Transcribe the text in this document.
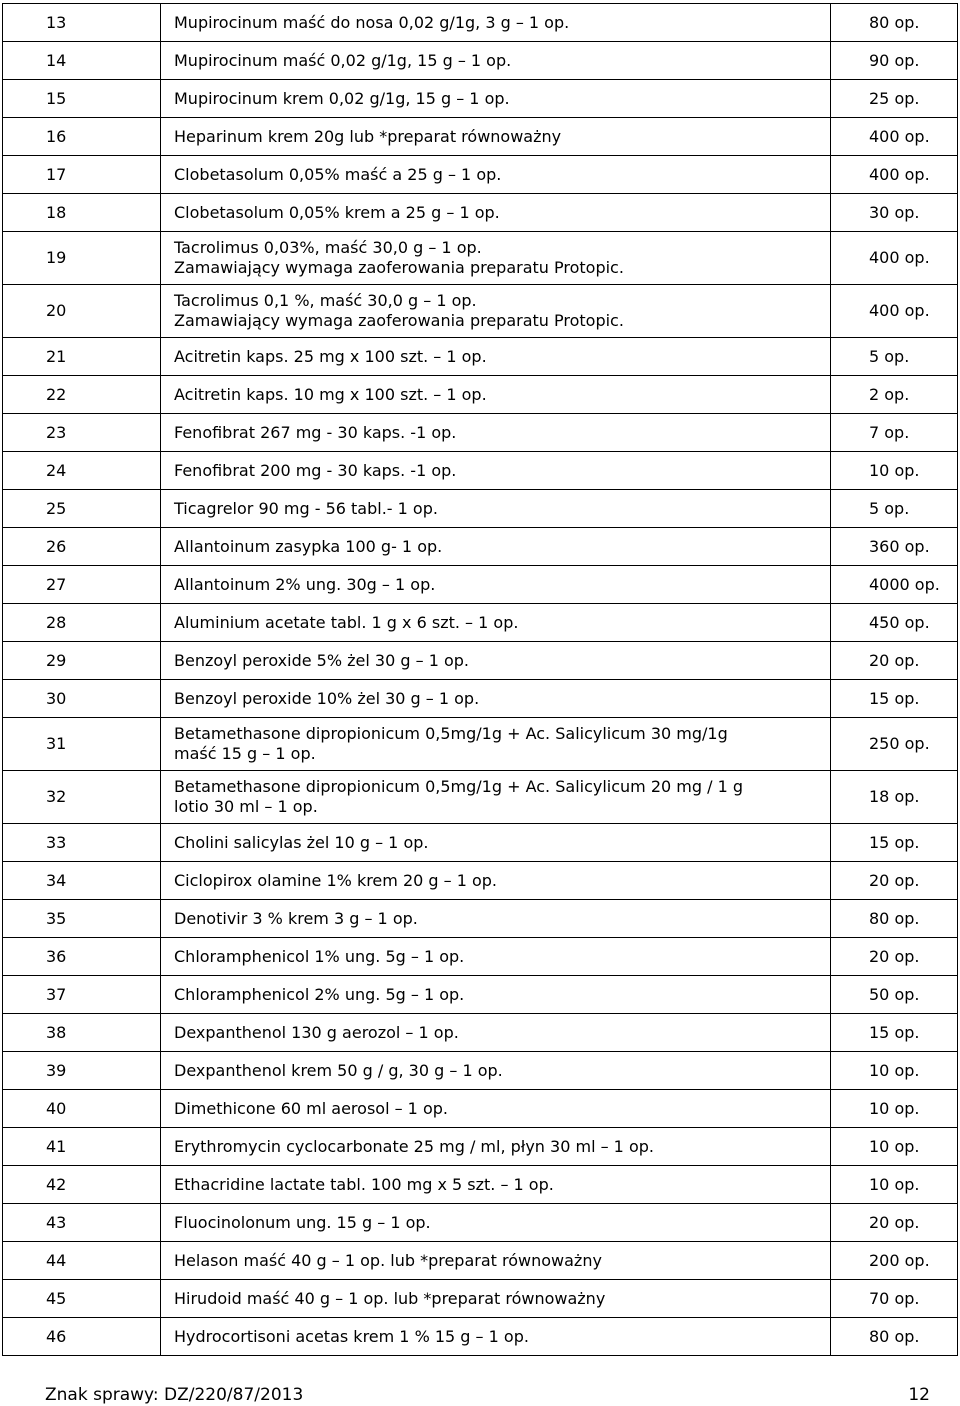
13	Mupirocinum maść do nosa 0,02 g/1g, 3 g – 1 op.	80 op.
14	Mupirocinum maść 0,02 g/1g, 15 g – 1 op.	90 op.
15	Mupirocinum krem 0,02 g/1g, 15 g – 1 op.	25 op.
16	Heparinum krem 20g lub *preparat równoważny	400 op.
17	Clobetasolum 0,05% maść a 25 g – 1 op.	400 op.
18	Clobetasolum 0,05% krem a 25 g – 1 op.	30 op.
19	Tacrolimus 0,03%, maść 30,0 g – 1 op.
Zamawiający wymaga zaoferowania preparatu Protopic.	400 op.
20	Tacrolimus 0,1 %, maść 30,0 g – 1 op.
Zamawiający wymaga zaoferowania preparatu Protopic.	400 op.
21	Acitretin kaps. 25 mg x 100 szt. – 1 op.	5 op.
22	Acitretin kaps. 10 mg x 100 szt. – 1 op.	2 op.
23	Fenofibrat 267 mg - 30 kaps. -1 op.	7 op.
24	Fenofibrat 200 mg - 30 kaps. -1 op.	10 op.
25	Ticagrelor 90 mg - 56 tabl.- 1 op.	5 op.
26	Allantoinum zasypka 100 g- 1 op.	360 op.
27	Allantoinum 2% ung. 30g – 1 op.	4000 op.
28	Aluminium acetate tabl. 1 g x 6 szt. – 1 op.	450 op.
29	Benzoyl peroxide 5% żel 30 g – 1 op.	20 op.
30	Benzoyl peroxide 10% żel 30 g – 1 op.	15 op.
31	Betamethasone dipropionicum 0,5mg/1g + Ac. Salicylicum 30 mg/1g
maść 15 g – 1 op.	250 op.
32	Betamethasone dipropionicum 0,5mg/1g + Ac. Salicylicum 20 mg / 1 g
lotio 30 ml – 1 op.	18 op.
33	Cholini salicylas żel 10 g – 1 op.	15 op.
34	Ciclopirox olamine 1% krem 20 g – 1 op.	20 op.
35	Denotivir 3 % krem 3 g – 1 op.	80 op.
36	Chloramphenicol 1% ung. 5g – 1 op.	20 op.
37	Chloramphenicol 2% ung. 5g – 1 op.	50 op.
38	Dexpanthenol 130 g aerozol – 1 op.	15 op.
39	Dexpanthenol krem 50 g / g, 30 g – 1 op.	10 op.
40	Dimethicone 60 ml aerosol – 1 op.	10 op.
41	Erythromycin cyclocarbonate 25 mg / ml, płyn 30 ml – 1 op.	10 op.
42	Ethacridine lactate tabl. 100 mg x 5 szt. – 1 op.	10 op.
43	Fluocinolonum ung. 15 g – 1 op.	20 op.
44	Helason maść 40 g – 1 op. lub *preparat równoważny	200 op.
45	Hirudoid maść 40 g – 1 op. lub *preparat równoważny	70 op.
46	Hydrocortisoni acetas krem 1 % 15 g – 1 op.	80 op.
Znak sprawy: DZ/220/87/2013	12
